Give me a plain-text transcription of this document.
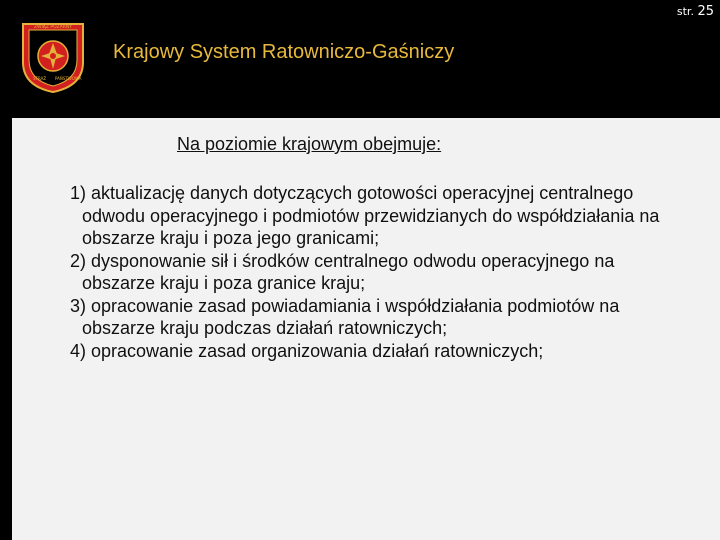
str. 25
ZWIĄZ POŻARNY
STRAŻ PAŃSTWOWA
Krajowy System Ratowniczo-Gaśniczy
Na poziomie krajowym obejmuje:
1) aktualizację danych dotyczących gotowości operacyjnej centralnego odwodu operacyjnego i podmiotów przewidzianych do współdziałania na obszarze kraju i poza jego granicami;
2) dysponowanie sił i środków centralnego odwodu operacyjnego na obszarze kraju i poza granice kraju;
3) opracowanie zasad powiadamiania i współdziałania podmiotów na obszarze kraju podczas działań ratowniczych;
4) opracowanie zasad organizowania działań ratowniczych;
